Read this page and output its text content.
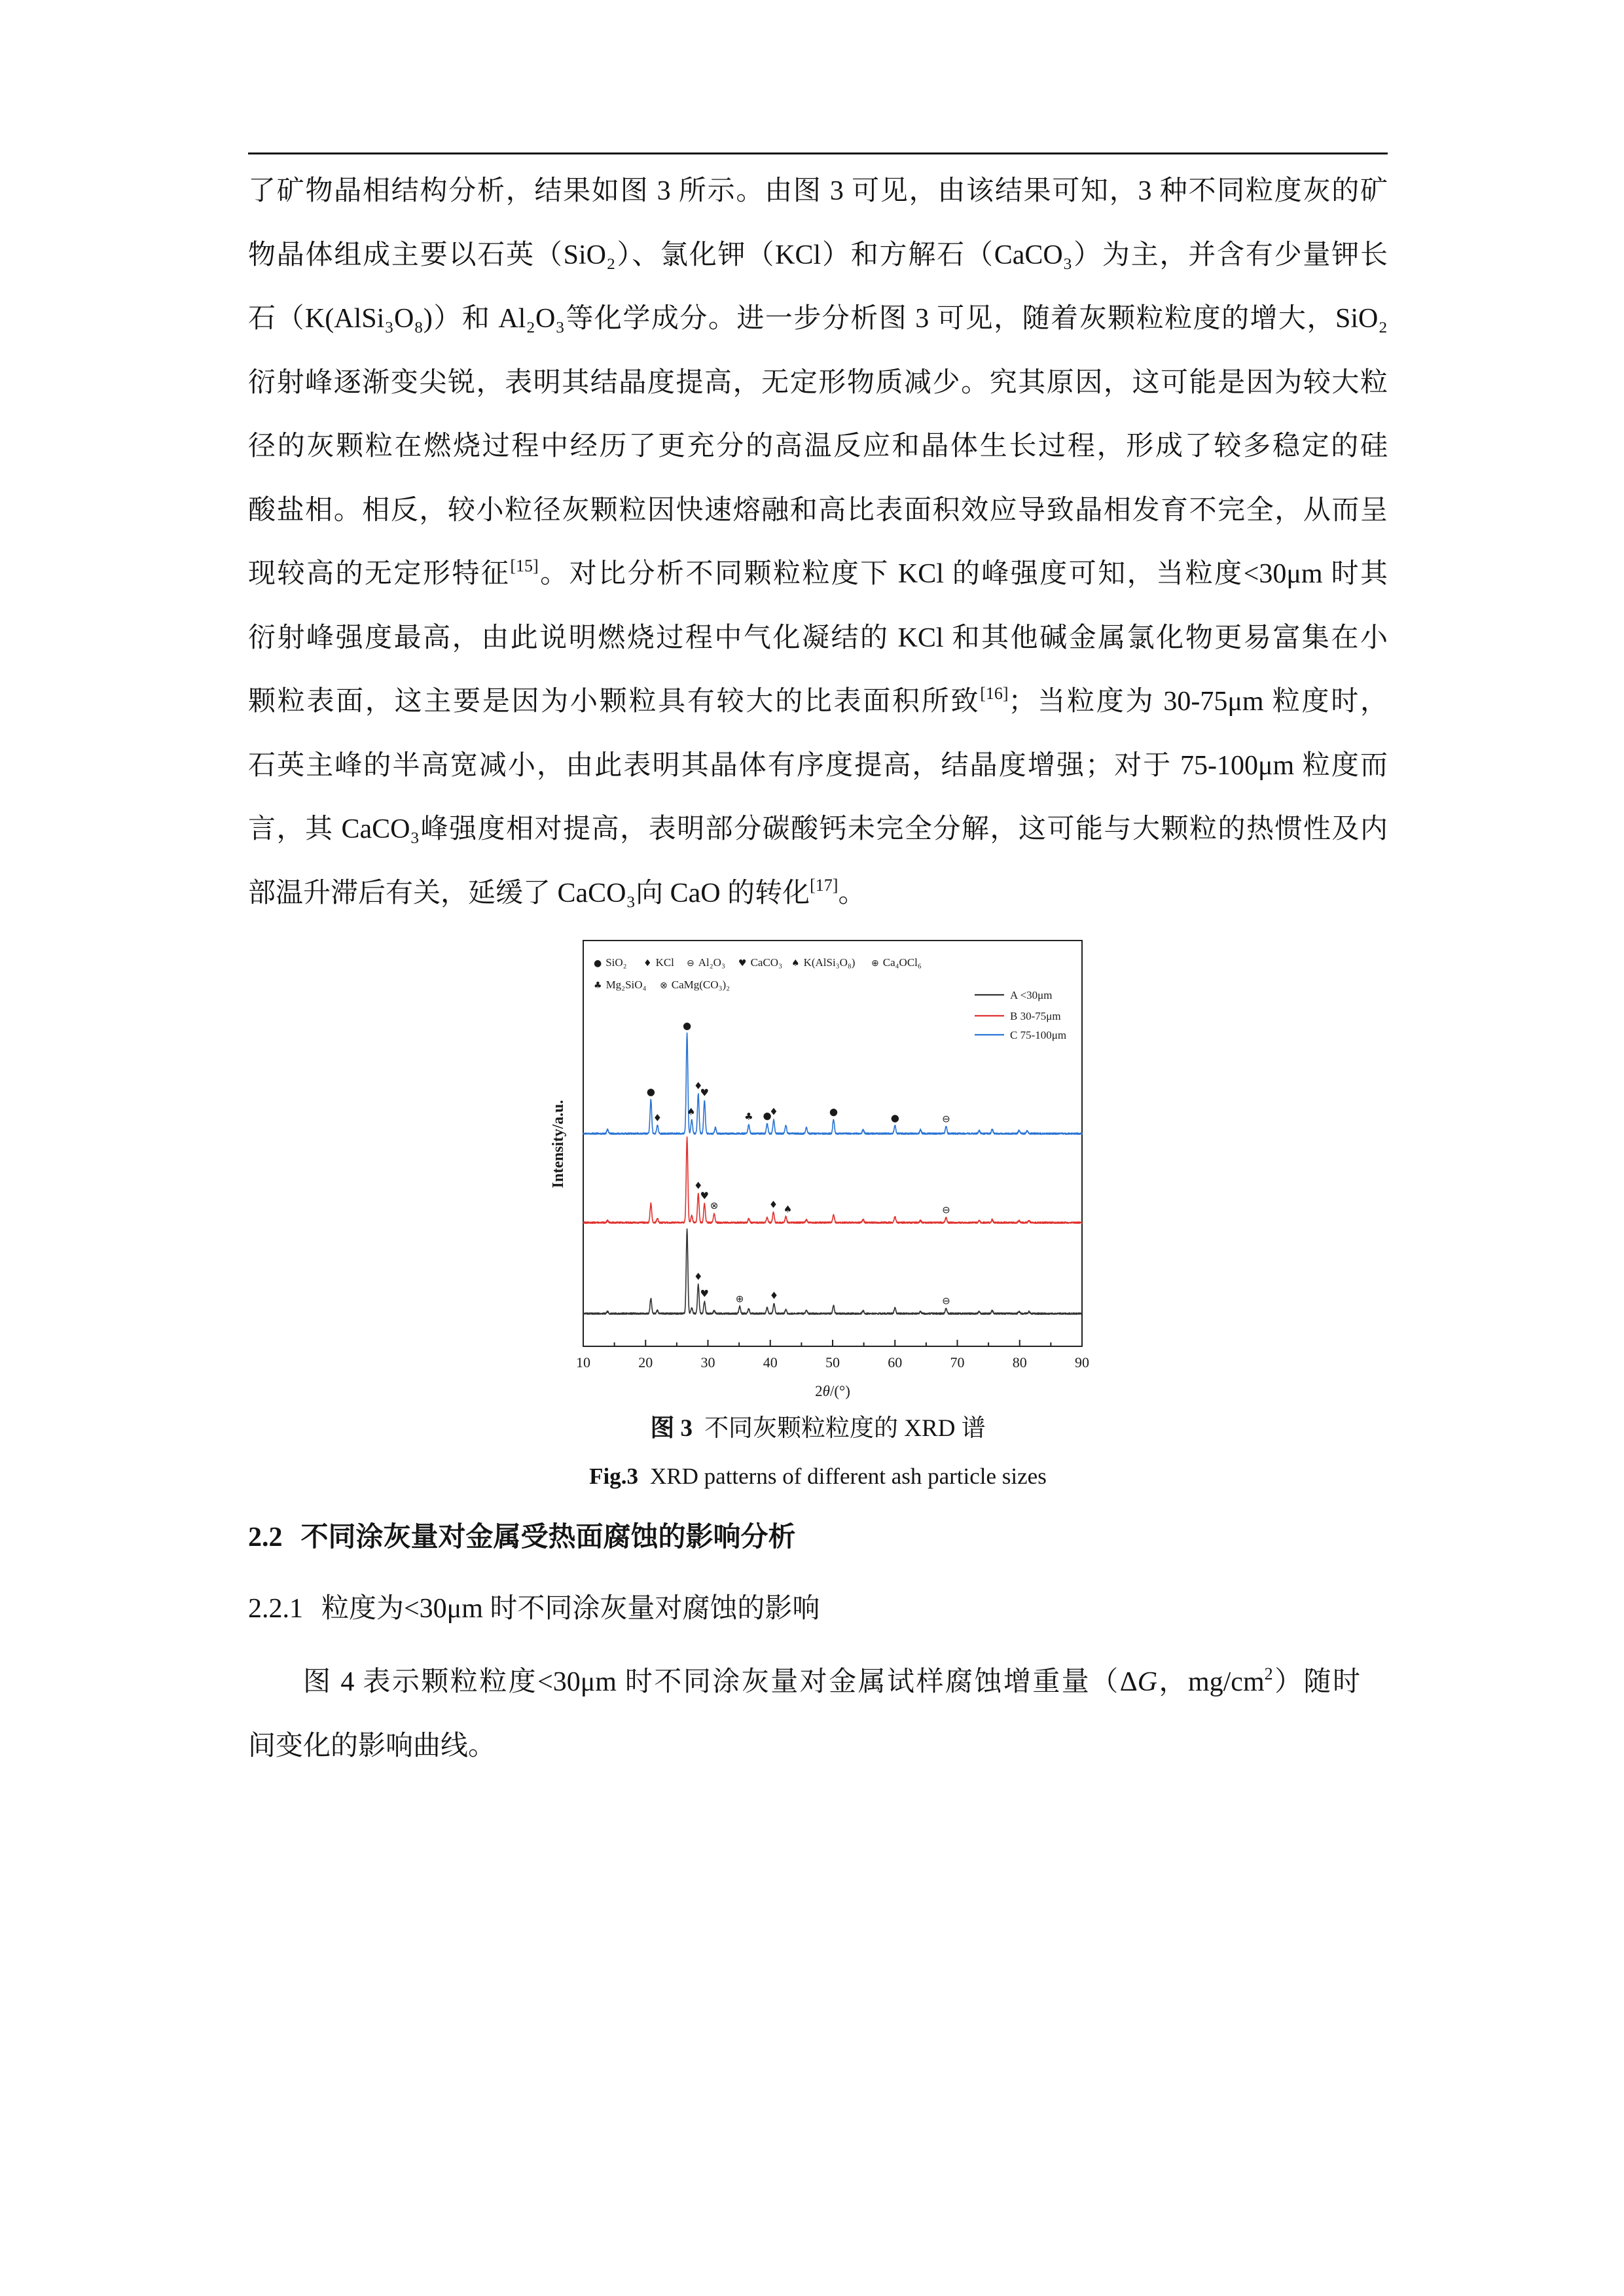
了矿物晶相结构分析，结果如图 3 所示。由图 3 可见，由该结果可知，3 种不同粒度灰的矿
物晶体组成主要以石英（SiO₂）、氯化钾（KCl）和方解石（CaCO₃）为主，并含有少量钾长
石（K(AlSi₃O₈)）和 Al₂O₃等化学成分。进一步分析图 3 可见，随着灰颗粒粒度的增大，SiO₂
衍射峰逐渐变尖锐，表明其结晶度提高，无定形物质减少。究其原因，这可能是因为较大粒
径的灰颗粒在燃烧过程中经历了更充分的高温反应和晶体生长过程，形成了较多稳定的硅
酸盐相。相反，较小粒径灰颗粒因快速熔融和高比表面积效应导致晶相发育不完全，从而呈
现较高的无定形特征[15]。对比分析不同颗粒粒度下 KCl 的峰强度可知，当粒度<30μm 时其
衍射峰强度最高，由此说明燃烧过程中气化凝结的 KCl 和其他碱金属氯化物更易富集在小
颗粒表面，这主要是因为小颗粒具有较大的比表面积所致[16]；当粒度为 30-75μm 粒度时，
石英主峰的半高宽减小，由此表明其晶体有序度提高，结晶度增强；对于 75-100μm 粒度而
言，其 CaCO₃峰强度相对提高，表明部分碳酸钙未完全分解，这可能与大颗粒的热惯性及内
部温升滞后有关，延缓了 CaCO₃向 CaO 的转化[17]。
10	20	30	40	50	60	70	80	90
2θ/(°)
Intensity/a.u.
♦
♥	⊕	♦	⊖
♦
♥
⊗	♦ ♠	⊖
●
♦
●
♠
♦
♥
♣ ●
♦	●
●	⊖
● SiO₂ ♦ KCl ⊖ Al₂O₃ ♥ CaCO₃ ♠ K(AlSi₃O₈) ⊕ Ca₄OCl₆
♣ Mg₂SiO₄ ⊗ CaMg(CO₃)₂
A <30μm
B 30-75μm
C 75-100μm
图 3 不同灰颗粒粒度的 XRD 谱
Fig.3 XRD patterns of different ash particle sizes
2.2 不同涂灰量对金属受热面腐蚀的影响分析
2.2.1 粒度为<30μm 时不同涂灰量对腐蚀的影响
图 4 表示颗粒粒度<30μm 时不同涂灰量对金属试样腐蚀增重量（ΔG，$mg/cm^2$）随时
间变化的影响曲线。
